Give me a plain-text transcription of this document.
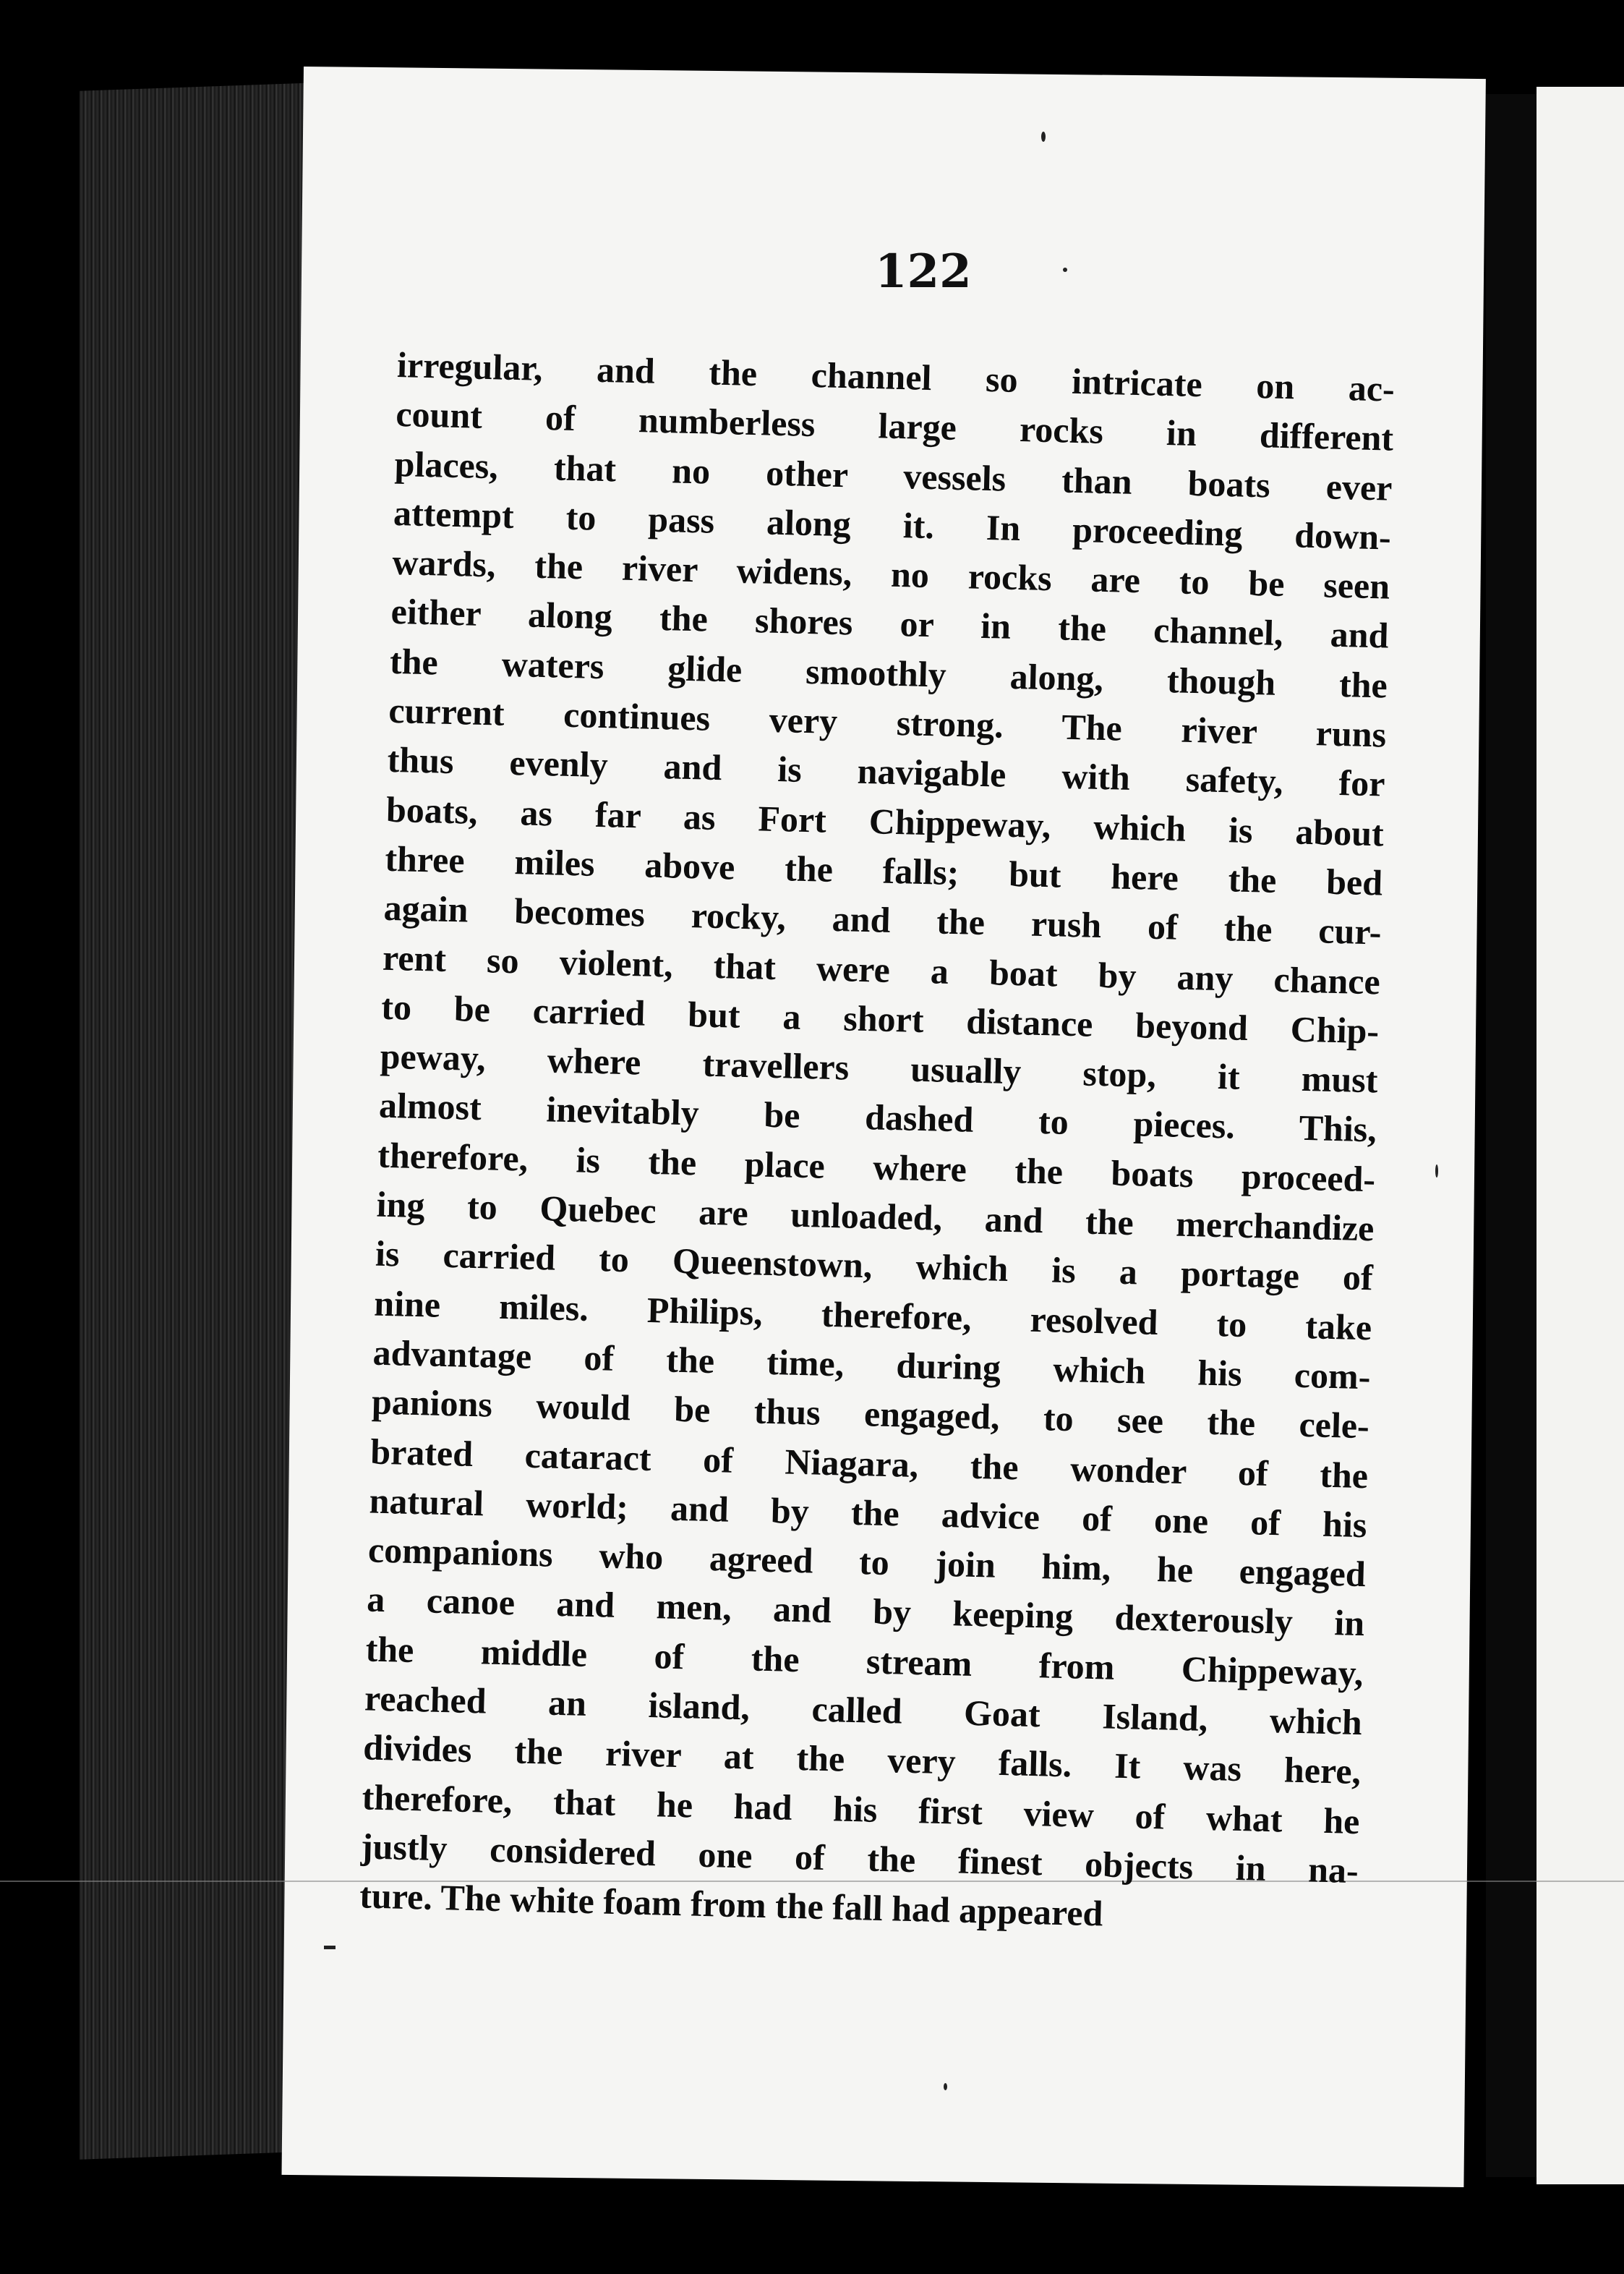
122
irregular, and the channel so intricate on ac-
count of numberless large rocks in different
places, that no other vessels than boats ever
attempt to pass along it. In proceeding down-
wards, the river widens, no rocks are to be seen
either along the shores or in the channel, and
the waters glide smoothly along, though the
current continues very strong. The river runs
thus evenly and is navigable with safety, for
boats, as far as Fort Chippeway, which is about
three miles above the falls; but here the bed
again becomes rocky, and the rush of the cur-
rent so violent, that were a boat by any chance
to be carried but a short distance beyond Chip-
peway, where travellers usually stop, it must
almost inevitably be dashed to pieces. This,
therefore, is the place where the boats proceed-
ing to Quebec are unloaded, and the merchandize
is carried to Queenstown, which is a portage of
nine miles. Philips, therefore, resolved to take
advantage of the time, during which his com-
panions would be thus engaged, to see the cele-
brated cataract of Niagara, the wonder of the
natural world; and by the advice of one of his
companions who agreed to join him, he engaged
a canoe and men, and by keeping dexterously in
the middle of the stream from Chippeway,
reached an island, called Goat Island, which
divides the river at the very falls. It was here,
therefore, that he had his first view of what he
justly considered one of the finest objects in na-
ture. The white foam from the fall had appeared
